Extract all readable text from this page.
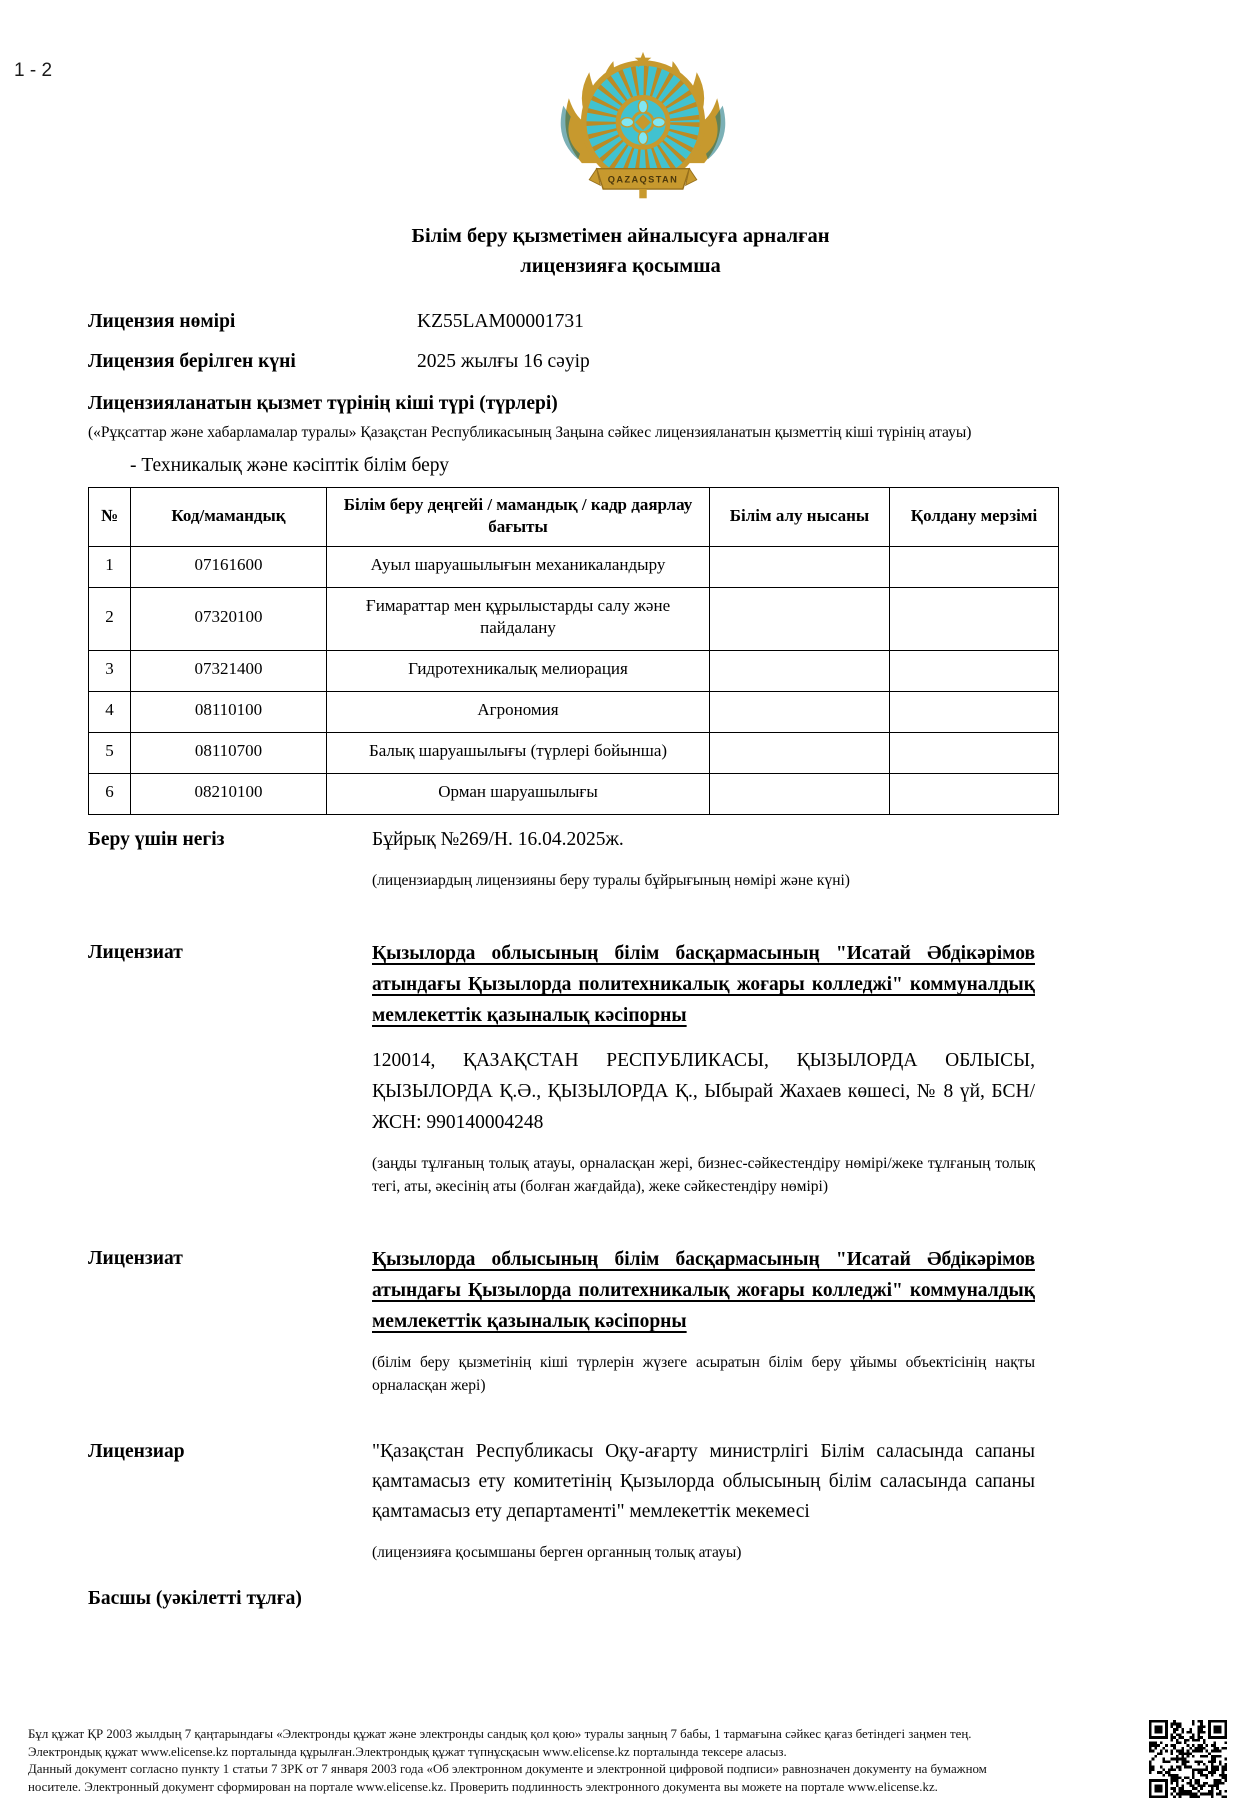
1 - 2
QAZAQSTAN
Білім беру қызметімен айналысуға арналған
лицензияға қосымша
Лицензия нөмірі	KZ55LAM00001731
Лицензия берілген күні	2025 жылғы 16 сәуір
Лицензияланатын қызмет түрінің кіші түрі (түрлері)
(«Рұқсаттар және хабарламалар туралы» Қазақстан Республикасының Заңына сәйкес лицензияланатын қызметтің кіші түрінің атауы)
- Техникалық және кәсіптік білім беру
№	Код/мамандық	Білім беру деңгейі / мамандық / кадр даярлау бағыты	Білім алу нысаны	Қолдану мерзімі
1	07161600	Ауыл шаруашылығын механикаландыру		
2	07320100	Ғимараттар мен құрылыстарды салу және пайдалану		
3	07321400	Гидротехникалық мелиорация		
4	08110100	Агрономия		
5	08110700	Балық шаруашылығы (түрлері бойынша)		
6	08210100	Орман шаруашылығы		
Беру үшін негіз	Бұйрық №269/Н. 16.04.2025ж.
(лицензиардың лицензияны беру туралы бұйрығының нөмірі және күні)
Лицензиат	Қызылорда облысының білім басқармасының "Исатай Әбдікәрімов атындағы Қызылорда политехникалық жоғары колледжі" коммуналдық мемлекеттік қазыналық кәсіпорны
120014, ҚАЗАҚСТАН РЕСПУБЛИКАСЫ, ҚЫЗЫЛОРДА ОБЛЫСЫ, ҚЫЗЫЛОРДА Қ.Ә., ҚЫЗЫЛОРДА Қ., Ыбырай Жахаев көшесі, № 8 үй, БСН/ЖСН: 990140004248
(заңды тұлғаның толық атауы, орналасқан жері, бизнес-сәйкестендіру нөмірі/жеке тұлғаның толық тегі, аты, әкесінің аты (болған жағдайда), жеке сәйкестендіру нөмірі)
Лицензиат	Қызылорда облысының білім басқармасының "Исатай Әбдікәрімов атындағы Қызылорда политехникалық жоғары колледжі" коммуналдық мемлекеттік қазыналық кәсіпорны
(білім беру қызметінің кіші түрлерін жүзеге асыратын білім беру ұйымы объектісінің нақты орналасқан жері)
Лицензиар	"Қазақстан Республикасы Оқу-ағарту министрлігі Білім саласында сапаны қамтамасыз ету комитетінің Қызылорда облысының білім саласында сапаны қамтамасыз ету департаменті" мемлекеттік мекемесі
(лицензияға қосымшаны берген органның толық атауы)
Басшы (уәкілетті тұлға)
Бұл құжат ҚР 2003 жылдың 7 қаңтарындағы «Электронды құжат және электронды сандық қол қою» туралы заңның 7 бабы, 1 тармағына сәйкес қағаз бетіндегі заңмен тең.
Электрондық құжат www.elicense.kz порталында құрылған.Электрондық құжат түпнұсқасын www.elicense.kz порталында тексере аласыз.
Данный документ согласно пункту 1 статьи 7 ЗРК от 7 января 2003 года «Об электронном документе и электронной цифровой подписи» равнозначен документу на бумажном
носителе. Электронный документ сформирован на портале www.elicense.kz. Проверить подлинность электронного документа вы можете на портале www.elicense.kz.
